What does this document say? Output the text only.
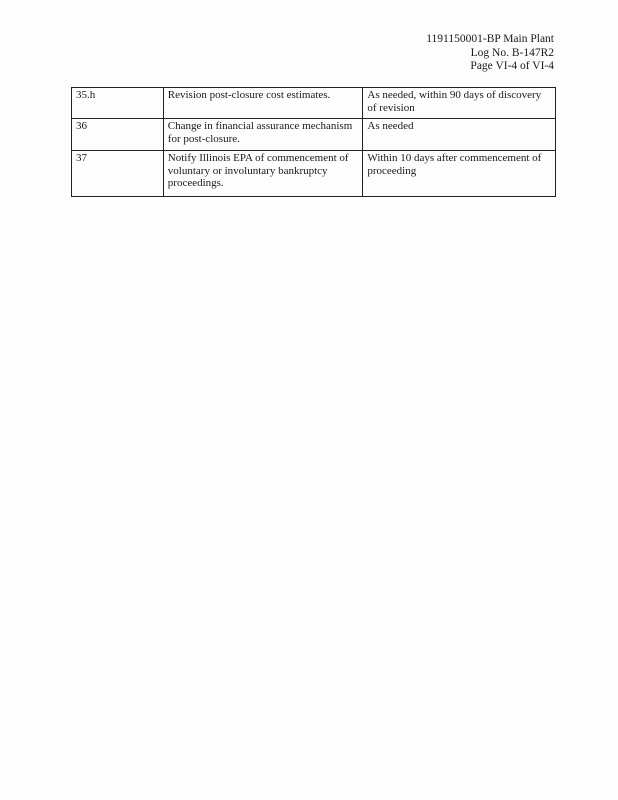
1191150001-BP Main Plant
Log No. B-147R2
Page VI-4 of VI-4
35.h	Revision post-closure cost estimates.	As needed, within 90 days of discovery of revision
36	Change in financial assurance mechanism for post-closure.	As needed
37	Notify Illinois EPA of commencement of voluntary or involuntary bankruptcy proceedings.	Within 10 days after commencement of proceeding
